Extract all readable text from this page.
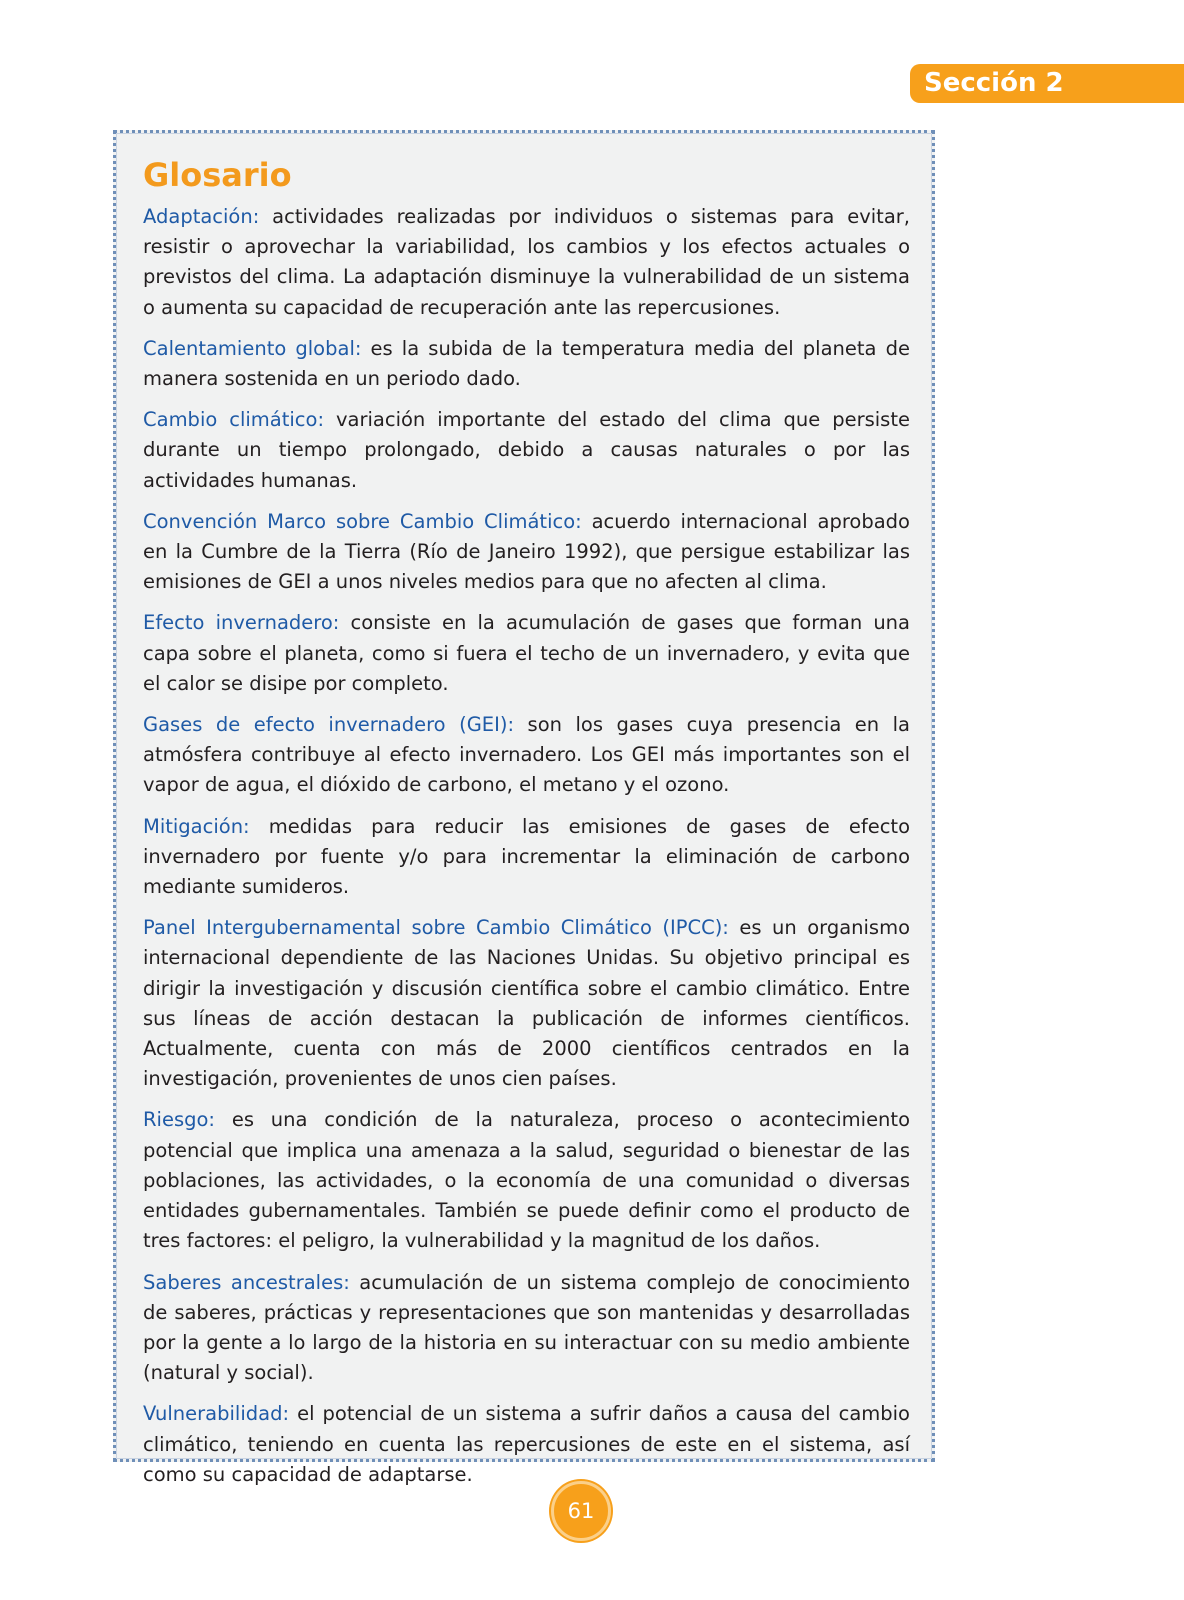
Sección 2
Glosario

Adaptación: actividades realizadas por individuos o sistemas para evitar, resistir o aprovechar la variabilidad, los cambios y los efectos actuales o previstos del clima. La adaptación disminuye la vulnerabilidad de un sistema o aumenta su capacidad de recuperación ante las repercusiones.

Calentamiento global: es la subida de la temperatura media del planeta de manera sostenida en un periodo dado.

Cambio climático: variación importante del estado del clima que persiste durante un tiempo prolongado, debido a causas naturales o por las actividades humanas.

Convención Marco sobre Cambio Climático: acuerdo internacional aprobado en la Cumbre de la Tierra (Río de Janeiro 1992), que persigue estabilizar las emisiones de GEI a unos niveles medios para que no afecten al clima.

Efecto invernadero: consiste en la acumulación de gases que forman una capa sobre el planeta, como si fuera el techo de un invernadero, y evita que el calor se disipe por completo.

Gases de efecto invernadero (GEI): son los gases cuya presencia en la atmósfera contribuye al efecto invernadero. Los GEI más importantes son el vapor de agua, el dióxido de carbono, el metano y el ozono.

Mitigación: medidas para reducir las emisiones de gases de efecto invernadero por fuente y/o para incrementar la eliminación de carbono mediante sumideros.

Panel Intergubernamental sobre Cambio Climático (IPCC): es un organismo internacional dependiente de las Naciones Unidas. Su objetivo principal es dirigir la investigación y discusión científica sobre el cambio climático. Entre sus líneas de acción destacan la publicación de informes científicos. Actualmente, cuenta con más de 2000 científicos centrados en la investigación, provenientes de unos cien países.

Riesgo: es una condición de la naturaleza, proceso o acontecimiento potencial que implica una amenaza a la salud, seguridad o bienestar de las poblaciones, las actividades, o la economía de una comunidad o diversas entidades gubernamentales. También se puede definir como el producto de tres factores: el peligro, la vulnerabilidad y la magnitud de los daños.

Saberes ancestrales: acumulación de un sistema complejo de conocimiento de saberes, prácticas y representaciones que son mantenidas y desarrolladas por la gente a lo largo de la historia en su interactuar con su medio ambiente (natural y social).

Vulnerabilidad: el potencial de un sistema a sufrir daños a causa del cambio climático, teniendo en cuenta las repercusiones de este en el sistema, así como su capacidad de adaptarse.

61
